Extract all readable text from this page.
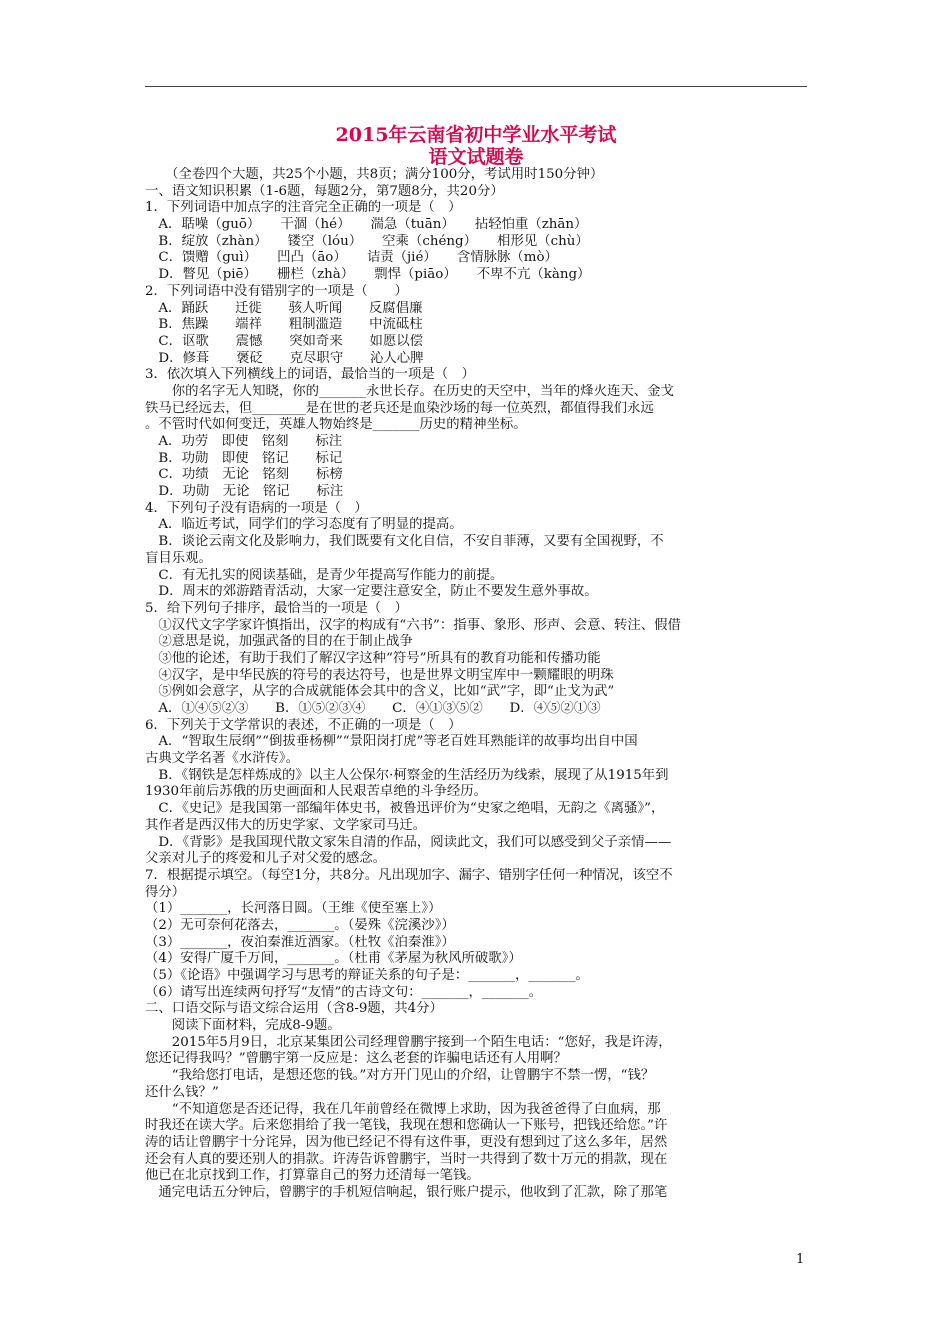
2015年云南省初中学业水平考试
语文试题卷
　　（全卷四个大题，共25个小题，共8页；满分100分，考试用时150分钟）
一、语文知识积累（1-6题，每题2分，第7题8分，共20分）
1．下列词语中加点字的注音完全正确的一项是（　）
　A．聒噪（guō）　　干涸（hé）　　湍急（tuān）　　拈轻怕重（zhān）
　B．绽放（zhàn）　　镂空（lóu）　　空乘（chéng）　　相形见（chù）
　C．馈赠（guì）　　凹凸（āo）　　诘责（jié）　　含情脉脉（mò）
　D．瞥见（piē）　　栅栏（zhà）　　剽悍（piāo）　　不卑不亢（kàng）
2．下列词语中没有错别字的一项是（　　）
　A．踊跃　　迁徙　　骇人听闻　　反腐倡廉
　B．焦躁　　端祥　　粗制滥造　　中流砥柱
　C．讴歌　　震憾　　突如奇来　　如愿以偿
　D．修葺　　褒砭　　克尽职守　　沁人心脾
3．依次填入下列横线上的词语，最恰当的一项是（　）
　　你的名字无人知晓，你的_______永世长存。在历史的天空中，当年的烽火连天、金戈
铁马已经远去，但________是在世的老兵还是血染沙场的每一位英烈，都值得我们永远
。不管时代如何变迁，英雄人物始终是_______历史的精神坐标。
　A．功劳　即使　铭刻　　标注
　B．功勋　即使　铭记　　标记
　C．功绩　无论　铭刻　　标榜
　D．功勋　无论　铭记　　标注
4．下列句子没有语病的一项是（　）
　A．临近考试，同学们的学习态度有了明显的提高。
　B．谈论云南文化及影响力，我们既要有文化自信，不安自菲薄，又要有全国视野，不
盲目乐观。
　C．有无扎实的阅读基础，是青少年提高写作能力的前提。
　D．周末的郊游踏青活动，大家一定要注意安全，防止不要发生意外事故。
5．给下列句子排序，最恰当的一项是（　）
　①汉代文字学家许慎指出，汉字的构成有“六书”：指事、象形、形声、会意、转注、假借
　②意思是说，加强武备的目的在于制止战争
　③他的论述，有助于我们了解汉字这种“符号”所具有的教育功能和传播功能
　④汉字，是中华民族的符号的表达符号，也是世界文明宝库中一颗耀眼的明珠
　⑤例如会意字，从字的合成就能体会其中的含义，比如“武”字，即“止戈为武”
　A．①④⑤②③　　B．①⑤②③④　　C．④①③⑤②　　D．④⑤②①③
6．下列关于文学常识的表述，不正确的一项是（　）
　A．“智取生辰纲”“倒拔垂杨柳”“景阳岗打虎”等老百姓耳熟能详的故事均出自中国
古典文学名著《水浒传》。
　B．《钢铁是怎样炼成的》以主人公保尔·柯察金的生活经历为线索，展现了从1915年到
1930年前后苏俄的历史画面和人民艰苦卓绝的斗争经历。
　C．《史记》是我国第一部编年体史书，被鲁迅评价为“史家之绝唱，无韵之《离骚》”，
其作者是西汉伟大的历史学家、文学家司马迁。
　D．《背影》是我国现代散文家朱自清的作品，阅读此文，我们可以感受到父子亲情——
父亲对儿子的疼爱和儿子对父爱的感念。
7．根据提示填空。（每空1分，共8分。凡出现加字、漏字、错别字任何一种情况，该空不
得分）
（1）_______，长河落日圆。（王维《使至塞上》）
（2）无可奈何花落去，_______。（晏殊《浣溪沙》）
（3）_______，夜泊秦淮近酒家。（杜牧《泊秦淮》）
（4）安得广厦千万间，_______。（杜甫《茅屋为秋风所破歌》）
（5）《论语》中强调学习与思考的辩证关系的句子是：_______，_______。
（6）请写出连续两句抒写“友情”的古诗文句：_______，_______。
二、口语交际与语文综合运用（含8-9题，共4分）
　　阅读下面材料，完成8-9题。
　　2015年5月9日，北京某集团公司经理曾鹏宇接到一个陌生电话：“您好，我是许涛，
您还记得我吗？”曾鹏宇第一反应是：这么老套的诈骗电话还有人用啊？
　　“我给您打电话，是想还您的钱。”对方开门见山的介绍，让曾鹏宇不禁一愣，“钱？
还什么钱？”
　　“不知道您是否还记得，我在几年前曾经在微博上求助，因为我爸爸得了白血病，那
时我还在读大学。后来您捐给了我一笔钱，我现在想和您确认一下账号，把钱还给您。”许
涛的话让曾鹏宇十分诧异，因为他已经记不得有这件事，更没有想到过了这么多年，居然
还会有人真的要还别人的捐款。许涛告诉曾鹏宇，当时一共得到了数十万元的捐款，现在
他已在北京找到工作，打算靠自己的努力还清每一笔钱。
　通完电话五分钟后，曾鹏宇的手机短信响起，银行账户提示，他收到了汇款，除了那笔
1
